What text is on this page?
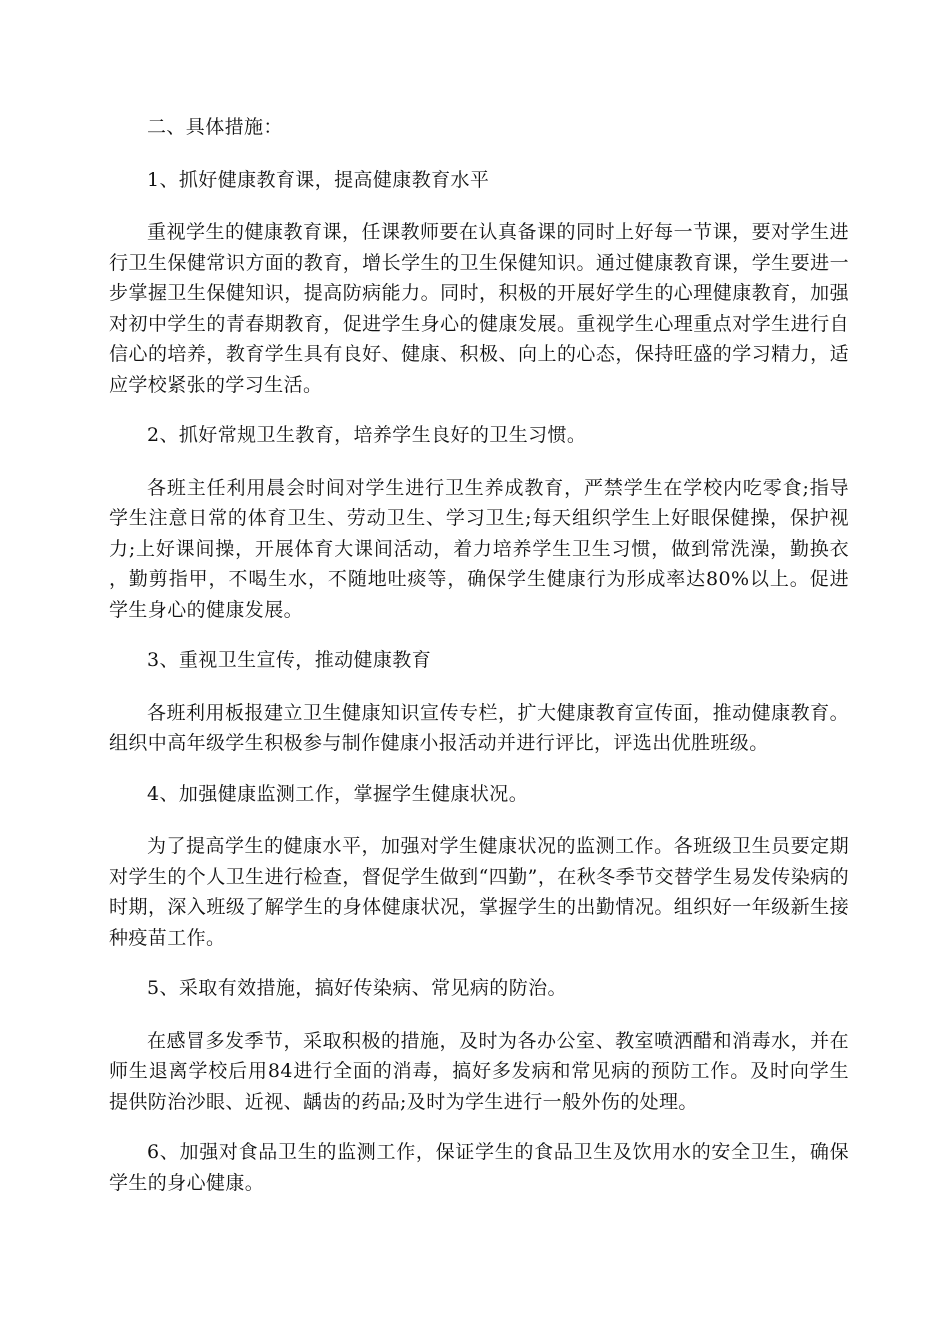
二、具体措施：

1、抓好健康教育课，提高健康教育水平

重视学生的健康教育课，任课教师要在认真备课的同时上好每一节课，要对学生进行卫生保健常识方面的教育，增长学生的卫生保健知识。通过健康教育课，学生要进一步掌握卫生保健知识，提高防病能力。同时，积极的开展好学生的心理健康教育，加强对初中学生的青春期教育，促进学生身心的健康发展。重视学生心理重点对学生进行自信心的培养，教育学生具有良好、健康、积极、向上的心态，保持旺盛的学习精力，适应学校紧张的学习生活。

2、抓好常规卫生教育，培养学生良好的卫生习惯。

各班主任利用晨会时间对学生进行卫生养成教育，严禁学生在学校内吃零食;指导学生注意日常的体育卫生、劳动卫生、学习卫生;每天组织学生上好眼保健操，保护视力;上好课间操，开展体育大课间活动，着力培养学生卫生习惯，做到常洗澡，勤换衣，勤剪指甲，不喝生水，不随地吐痰等，确保学生健康行为形成率达80%以上。促进学生身心的健康发展。

3、重视卫生宣传，推动健康教育

各班利用板报建立卫生健康知识宣传专栏，扩大健康教育宣传面，推动健康教育。组织中高年级学生积极参与制作健康小报活动并进行评比，评选出优胜班级。

4、加强健康监测工作，掌握学生健康状况。

为了提高学生的健康水平，加强对学生健康状况的监测工作。各班级卫生员要定期对学生的个人卫生进行检查，督促学生做到“四勤”，在秋冬季节交替学生易发传染病的时期，深入班级了解学生的身体健康状况，掌握学生的出勤情况。组织好一年级新生接种疫苗工作。

5、采取有效措施，搞好传染病、常见病的防治。

在感冒多发季节，采取积极的措施，及时为各办公室、教室喷洒醋和消毒水，并在师生退离学校后用84进行全面的消毒，搞好多发病和常见病的预防工作。及时向学生提供防治沙眼、近视、龋齿的药品;及时为学生进行一般外伤的处理。

6、加强对食品卫生的监测工作，保证学生的食品卫生及饮用水的安全卫生，确保学生的身心健康。
